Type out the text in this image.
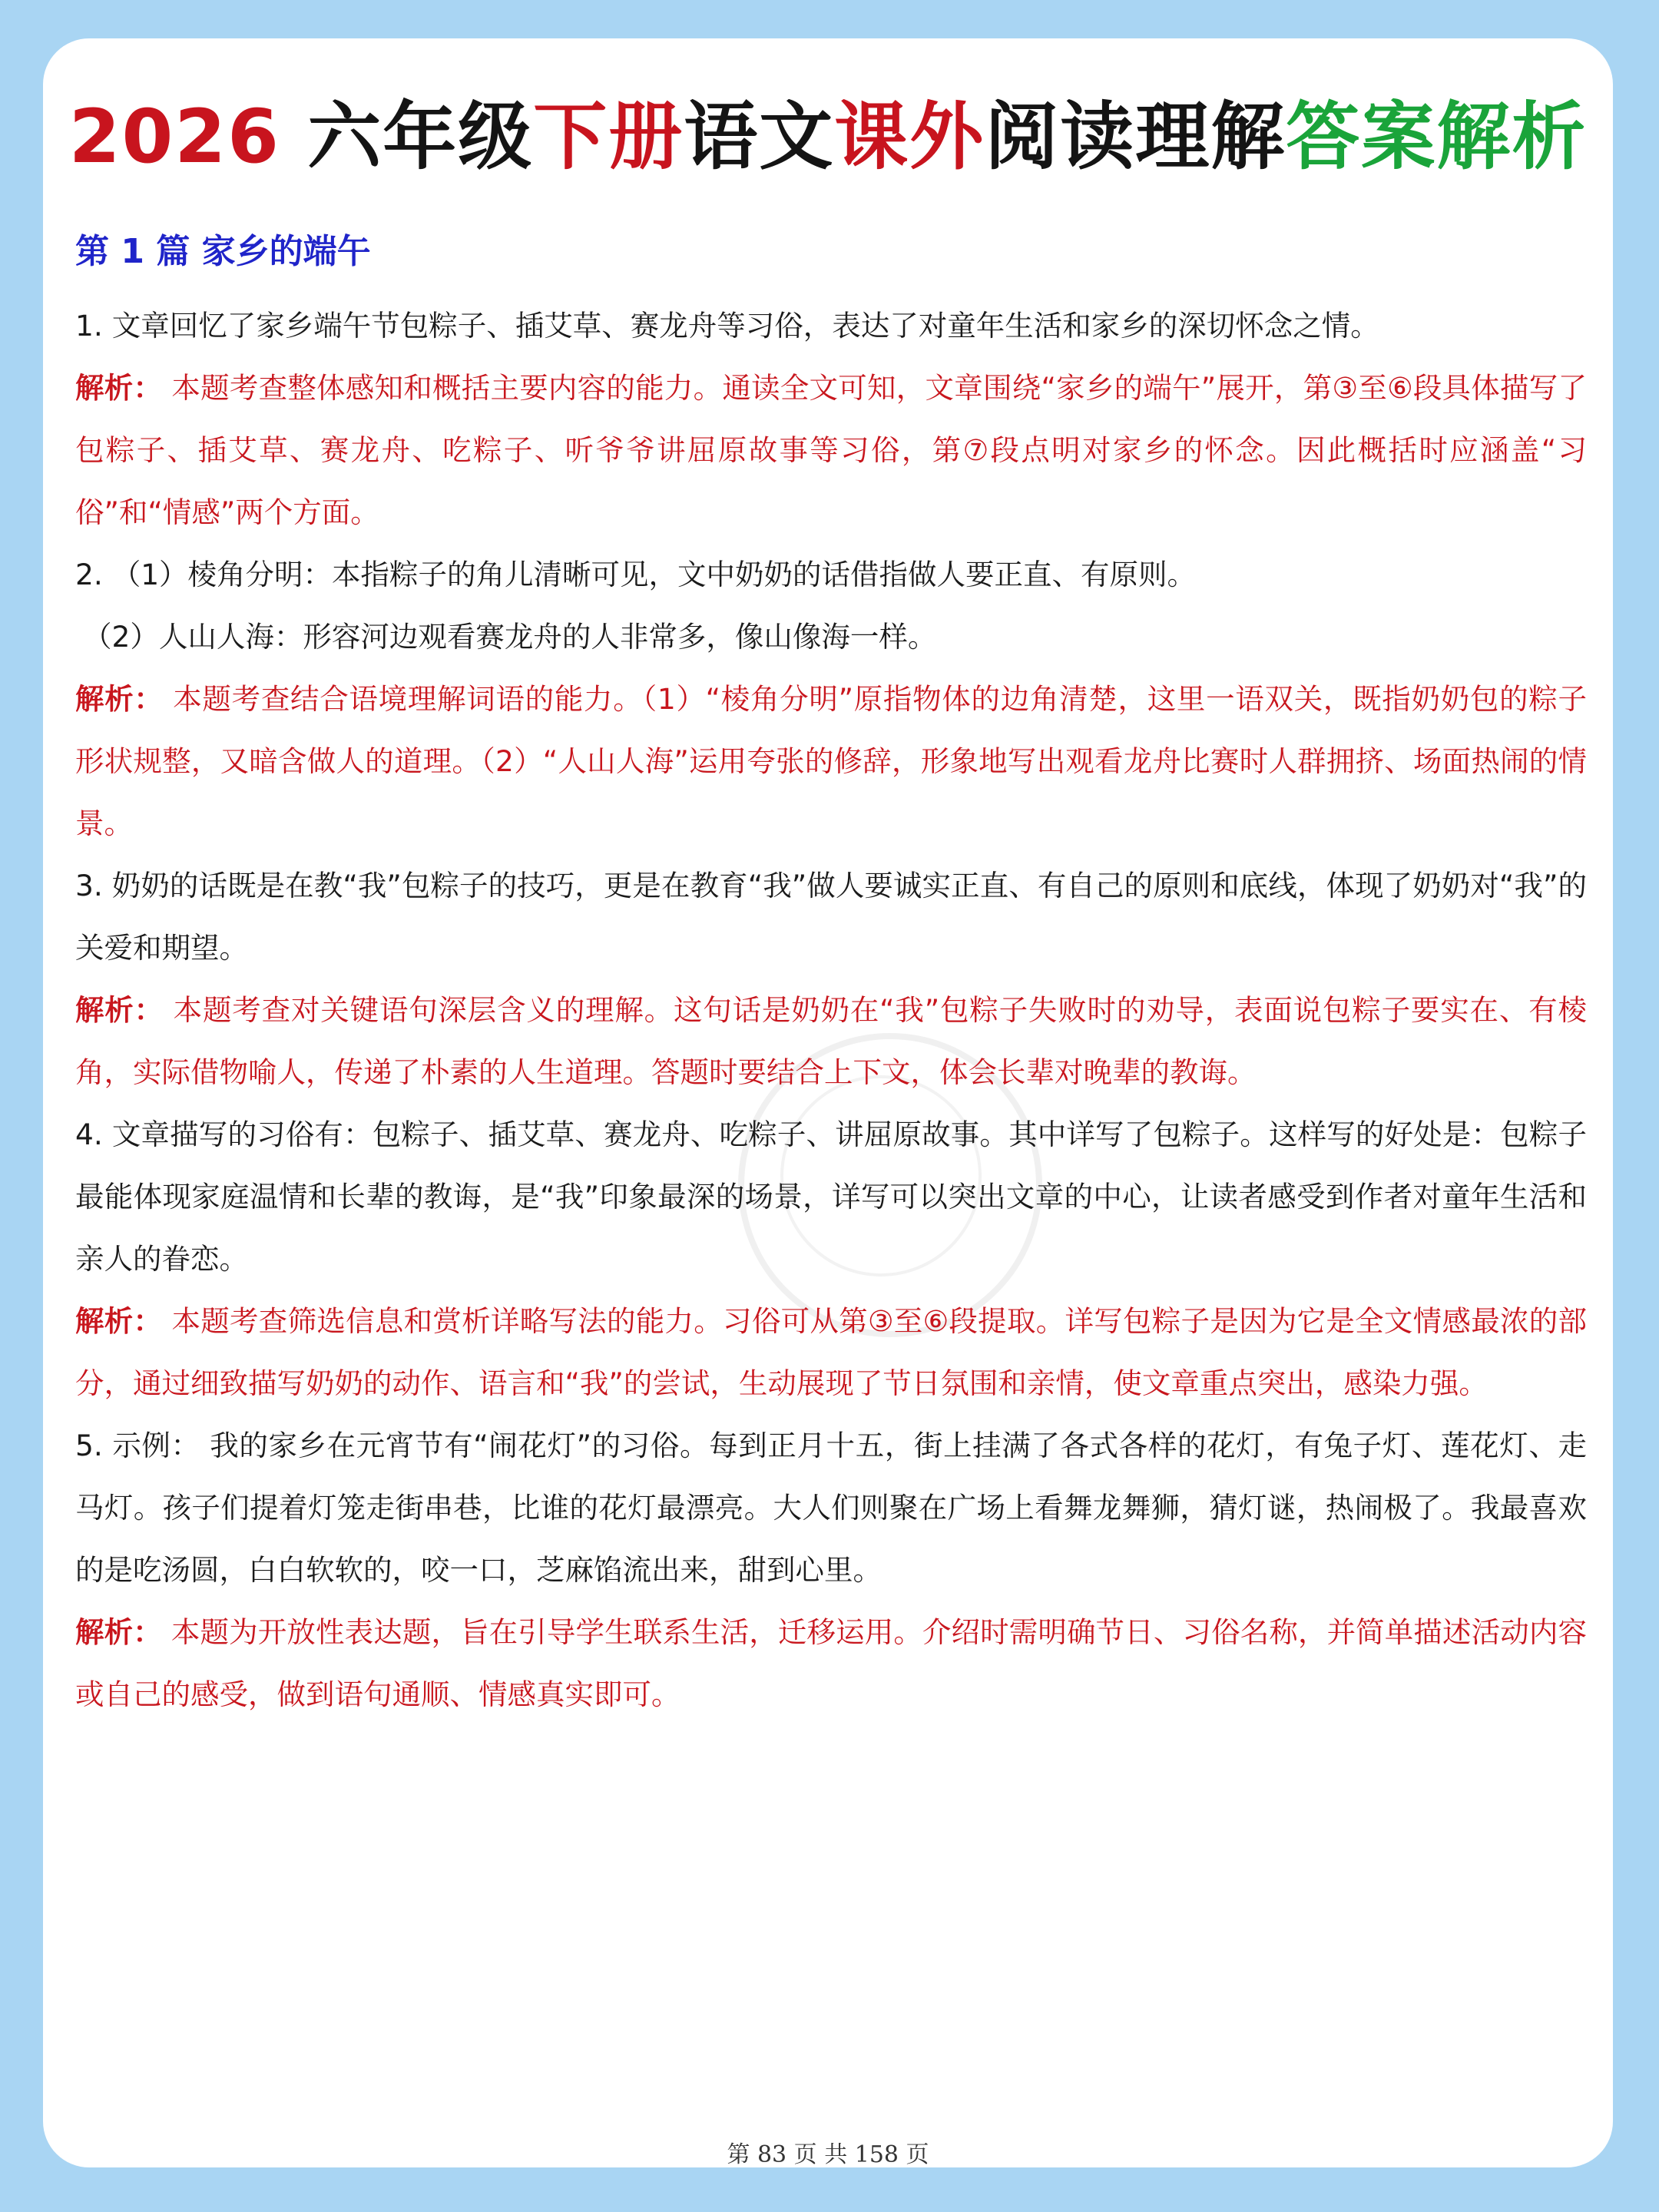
2026 六年级下册语文课外阅读理解答案解析
第 1 篇 家乡的端午

1. 文章回忆了家乡端午节包粽子、插艾草、赛龙舟等习俗，表达了对童年生活和家乡的深切怀念之情。

解析： 本题考查整体感知和概括主要内容的能力。通读全文可知，文章围绕“家乡的端午”展开，第③至⑥段具体描写了包粽子、插艾草、赛龙舟、吃粽子、听爷爷讲屈原故事等习俗，第⑦段点明对家乡的怀念。因此概括时应涵盖“习俗”和“情感”两个方面。

2. （1）棱角分明：本指粽子的角儿清晰可见，文中奶奶的话借指做人要正直、有原则。

（2）人山人海：形容河边观看赛龙舟的人非常多，像山像海一样。

解析： 本题考查结合语境理解词语的能力。（1）“棱角分明”原指物体的边角清楚，这里一语双关，既指奶奶包的粽子形状规整，又暗含做人的道理。（2）“人山人海”运用夸张的修辞，形象地写出观看龙舟比赛时人群拥挤、场面热闹的情景。

3. 奶奶的话既是在教“我”包粽子的技巧，更是在教育“我”做人要诚实正直、有自己的原则和底线，体现了奶奶对“我”的关爱和期望。

解析： 本题考查对关键语句深层含义的理解。这句话是奶奶在“我”包粽子失败时的劝导，表面说包粽子要实在、有棱角，实际借物喻人，传递了朴素的人生道理。答题时要结合上下文，体会长辈对晚辈的教诲。

4. 文章描写的习俗有：包粽子、插艾草、赛龙舟、吃粽子、讲屈原故事。其中详写了包粽子。这样写的好处是：包粽子最能体现家庭温情和长辈的教诲，是“我”印象最深的场景，详写可以突出文章的中心，让读者感受到作者对童年生活和亲人的眷恋。

解析： 本题考查筛选信息和赏析详略写法的能力。习俗可从第③至⑥段提取。详写包粽子是因为它是全文情感最浓的部分，通过细致描写奶奶的动作、语言和“我”的尝试，生动展现了节日氛围和亲情，使文章重点突出，感染力强。

5. 示例： 我的家乡在元宵节有“闹花灯”的习俗。每到正月十五，街上挂满了各式各样的花灯，有兔子灯、莲花灯、走马灯。孩子们提着灯笼走街串巷，比谁的花灯最漂亮。大人们则聚在广场上看舞龙舞狮，猜灯谜，热闹极了。我最喜欢的是吃汤圆，白白软软的，咬一口，芝麻馅流出来，甜到心里。

解析： 本题为开放性表达题，旨在引导学生联系生活，迁移运用。介绍时需明确节日、习俗名称，并简单描述活动内容或自己的感受，做到语句通顺、情感真实即可。

第 83 页 共 158 页
